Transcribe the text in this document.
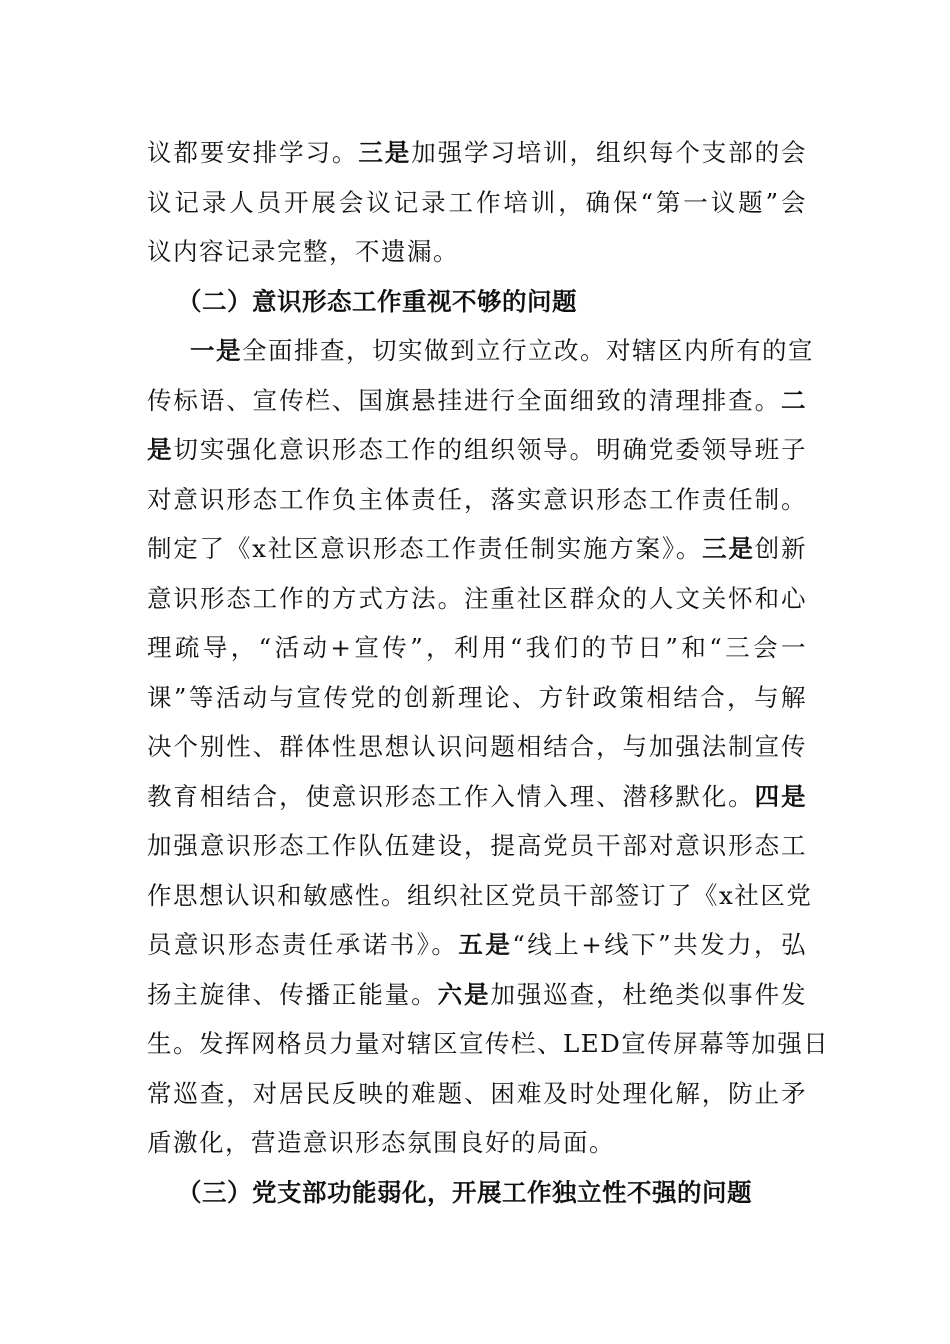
议都要安排学习。三是加强学习培训，组织每个支部的会
议记录人员开展会议记录工作培训，确保“第一议题”会
议内容记录完整，不遗漏。
（二）意识形态工作重视不够的问题
一是全面排查，切实做到立行立改。对辖区内所有的宣
传标语、宣传栏、国旗悬挂进行全面细致的清理排查。二
是切实强化意识形态工作的组织领导。明确党委领导班子
对意识形态工作负主体责任，落实意识形态工作责任制。
制定了《x社区意识形态工作责任制实施方案》。三是创新
意识形态工作的方式方法。注重社区群众的人文关怀和心
理疏导，“活动+宣传”，利用“我们的节日”和“三会一
课”等活动与宣传党的创新理论、方针政策相结合，与解
决个别性、群体性思想认识问题相结合，与加强法制宣传
教育相结合，使意识形态工作入情入理、潜移默化。四是
加强意识形态工作队伍建设，提高党员干部对意识形态工
作思想认识和敏感性。组织社区党员干部签订了《x社区党
员意识形态责任承诺书》。五是“线上+线下”共发力，弘
扬主旋律、传播正能量。六是加强巡查，杜绝类似事件发
生。发挥网格员力量对辖区宣传栏、LED宣传屏幕等加强日
常巡查，对居民反映的难题、困难及时处理化解，防止矛
盾激化，营造意识形态氛围良好的局面。
（三）党支部功能弱化，开展工作独立性不强的问题
